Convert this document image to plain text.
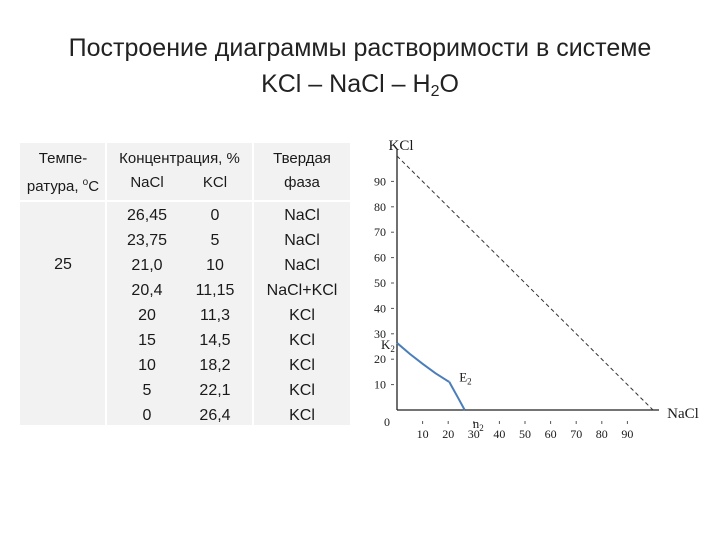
Построение диаграммы растворимости в системе
KCl – NaCl – $H_2O$
Темпе-
ратура, $^о$С
Концентрация, %
NaCl	KCl
Твердая
фаза
25
26,45	0	NaCl
23,75	5	NaCl
21,0	10	NaCl
20,4	11,15	NaCl+KCl
20	11,3	KCl
15	14,5	KCl
10	18,2	KCl
5	22,1	KCl
0	26,4	KCl
10 20 30 40 50 60 70 80 90
10
20
30
40
50
60
70
80
90
0
KCl
NaCl
$K_2$
$E_2$
$n_2$
